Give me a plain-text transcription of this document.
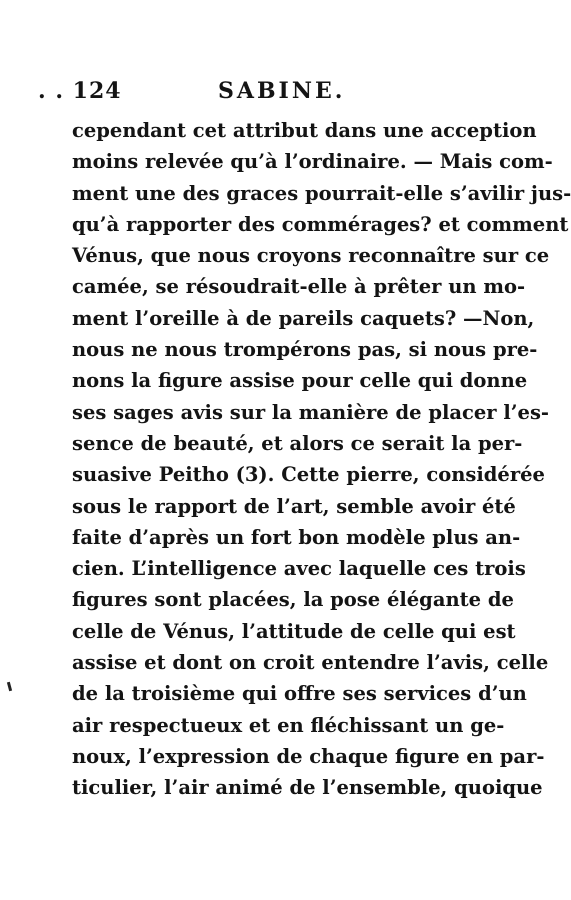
. . 124	SABINE.
cependant cet attribut dans une acception
moins relevée qu’à l’ordinaire. — Mais com-
ment une des graces pourrait-elle s’avilir jus-
qu’à rapporter des commérages? et comment
Vénus, que nous croyons reconnaître sur ce
camée, se résoudrait-elle à prêter un mo-
ment l’oreille à de pareils caquets? —Non,
nous ne nous trompérons pas, si nous pre-
nons la figure assise pour celle qui donne
ses sages avis sur la manière de placer l’es-
sence de beauté, et alors ce serait la per-
suasive Peitho (3). Cette pierre, considérée
sous le rapport de l’art, semble avoir été
faite d’après un fort bon modèle plus an-
cien. L’intelligence avec laquelle ces trois
figures sont placées, la pose élégante de
celle de Vénus, l’attitude de celle qui est
assise et dont on croit entendre l’avis, celle
de la troisième qui offre ses services d’un
air respectueux et en fléchissant un ge-
noux, l’expression de chaque figure en par-
ticulier, l’air animé de l’ensemble, quoique
